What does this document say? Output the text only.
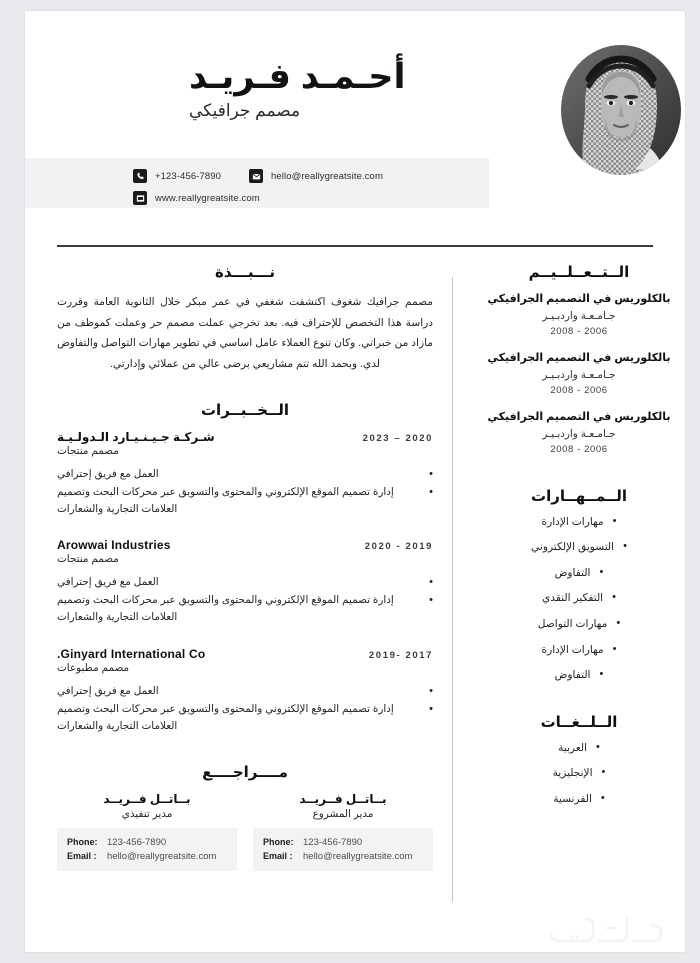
أحـمـد فـريـد
مصمم جرافيكي
+123-456-7890	hello@reallygreatsite.com
www.reallygreatsite.com
نـــبـــذة

مصمم جرافيك شغوف اكتشفت شغفي في عمر مبكر خلال الثانوية العامة وقررت دراسة هذا التخصص للإحتراف فيه. بعد تخرجي عملت مصمم حر وعملت كموظف من مازاد من خبراتي. وكان تنوع العملاء عامل اساسي في تطوير مهارات التواصل والتفاوض لدي. وبحمد الله تتم مشاريعي برضى عالي من عملائي وإدارتي.

الــخــبــرات
2023 – 2020
شـركـة جـيـنـيـارد الـدولـيـة
مصمم منتجات
• العمل مع فريق إحترافي
• إدارة تصميم الموقع الإلكتروني والمحتوى والتسويق عبر محركات البحث وتصميم العلامات التجارية والشعارات
2020 - 2019
Arowwai Industries
مصمم منتجات
• العمل مع فريق إحترافي
• إدارة تصميم الموقع الإلكتروني والمحتوى والتسويق عبر محركات البحث وتصميم العلامات التجارية والشعارات
2019- 2017
Ginyard International Co.
مصمم مطبوعات
• العمل مع فريق إحترافي
• إدارة تصميم الموقع الإلكتروني والمحتوى والتسويق عبر محركات البحث وتصميم العلامات التجارية والشعارات
مــــراجــــع
بــاتــل فــريــد
مدير المشروع
Phone:	123-456-7890
Email :	hello@reallygreatsite.com
بــاتــل فــريــد
مدير تنفيذي
Phone:	123-456-7890
Email :	hello@reallygreatsite.com
الــتــعــلــيــم
بالكلوريس في التصميم الجرافيكي
جـامـعـة واردبـيـر
2008 - 2006
بالكلوريس في التصميم الجرافيكي
جـامـعـة واردبـيـر
2008 - 2006
بالكلوريس في التصميم الجرافيكي
جـامـعـة واردبـيـر
2008 - 2006
الــمــهــارات
•مهارات الإدارة
•التسويق الإلكتروني
•التفاوض
•التفكير النقدي
•مهارات التواصل
•مهارات الإدارة
•التفاوض
الــلــغــات
•العربية
•الإنجليزية
•الفرنسية
